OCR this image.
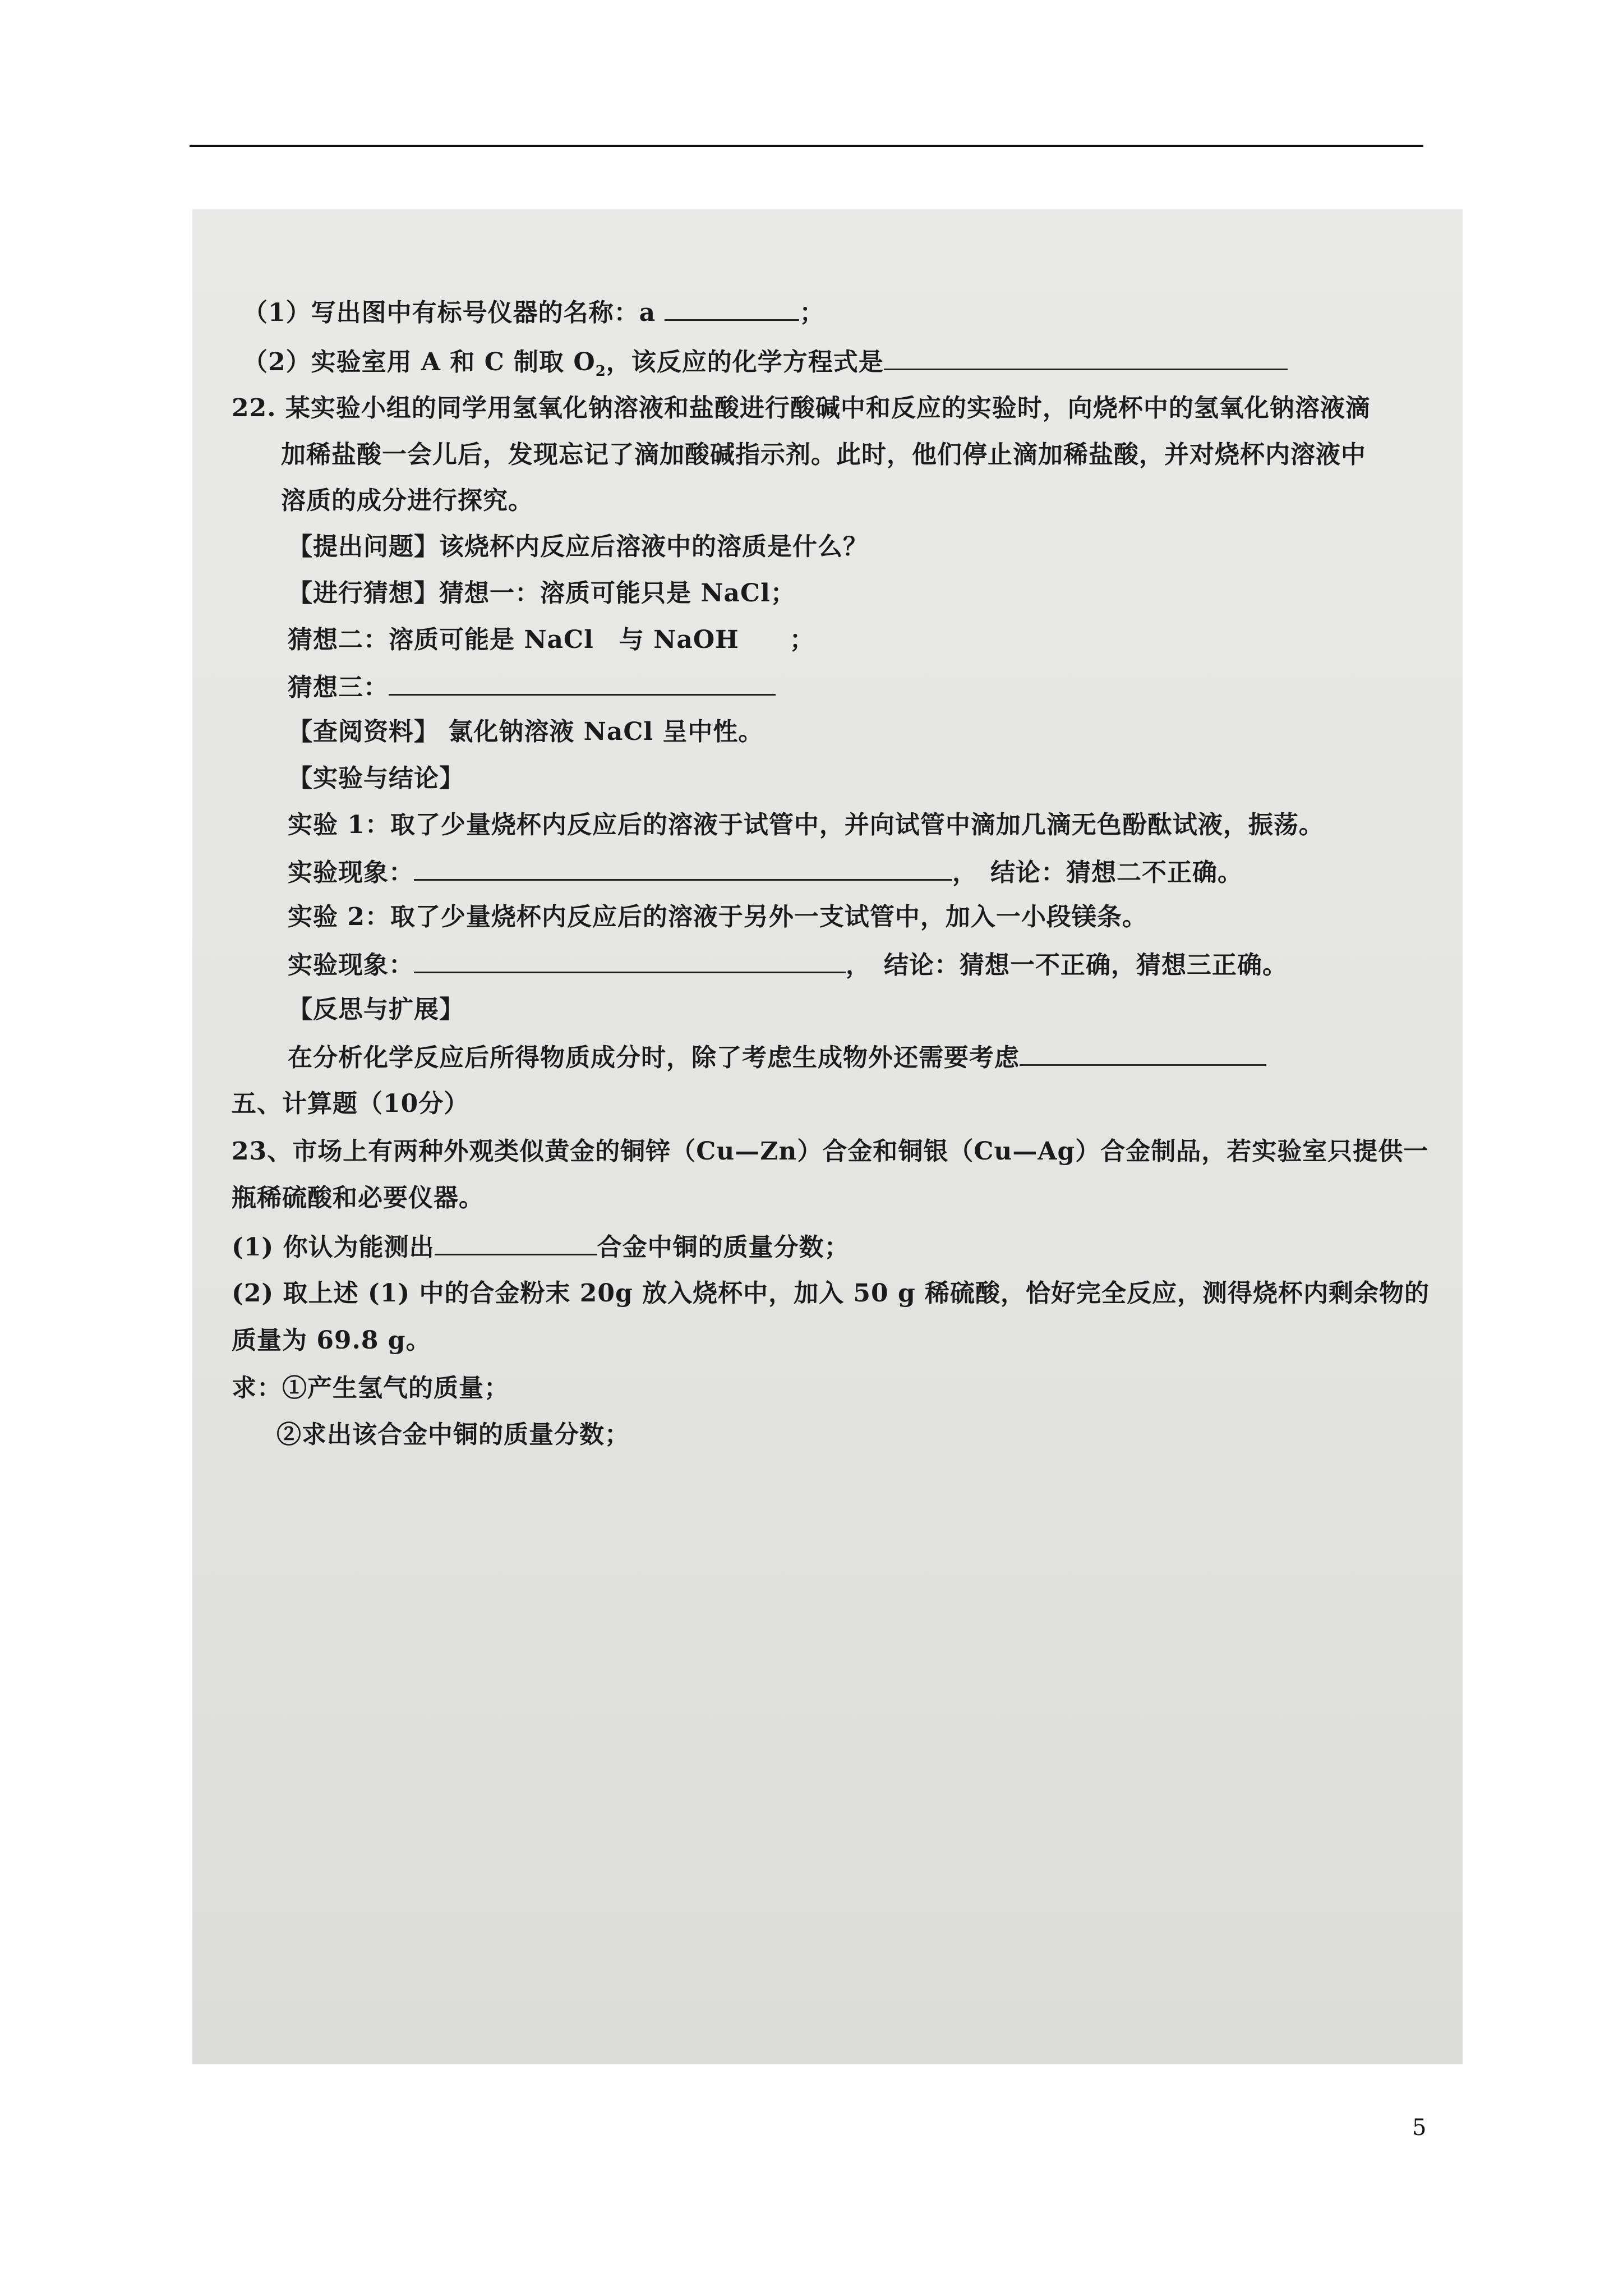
（1）写出图中有标号仪器的名称：a	；
（2）实验室用 A 和 C 制取 $O_2$，该反应的化学方程式是
22. 某实验小组的同学用氢氧化钠溶液和盐酸进行酸碱中和反应的实验时，向烧杯中的氢氧化钠溶液滴
加稀盐酸一会儿后，发现忘记了滴加酸碱指示剂。此时，他们停止滴加稀盐酸，并对烧杯内溶液中
溶质的成分进行探究。
【提出问题】该烧杯内反应后溶液中的溶质是什么？
【进行猜想】猜想一：溶质可能只是 NaCl；
猜想二：溶质可能是 NaCl　与 NaOH　　；
猜想三：
【查阅资料】 氯化钠溶液 NaCl 呈中性。
【实验与结论】
实验 1：取了少量烧杯内反应后的溶液于试管中，并向试管中滴加几滴无色酚酞试液，振荡。
实验现象：	，　结论：猜想二不正确。
实验 2：取了少量烧杯内反应后的溶液于另外一支试管中，加入一小段镁条。
实验现象：	，　结论：猜想一不正确，猜想三正确。
【反思与扩展】
在分析化学反应后所得物质成分时，除了考虑生成物外还需要考虑
五、计算题（10分）
23、市场上有两种外观类似黄金的铜锌（Cu—Zn）合金和铜银（Cu—Ag）合金制品，若实验室只提供一
瓶稀硫酸和必要仪器。
(1) 你认为能测出	合金中铜的质量分数；
(2) 取上述 (1) 中的合金粉末 20g 放入烧杯中，加入 50 g 稀硫酸，恰好完全反应，测得烧杯内剩余物的
质量为 69.8 g。
求：①产生氢气的质量；
②求出该合金中铜的质量分数；
5
